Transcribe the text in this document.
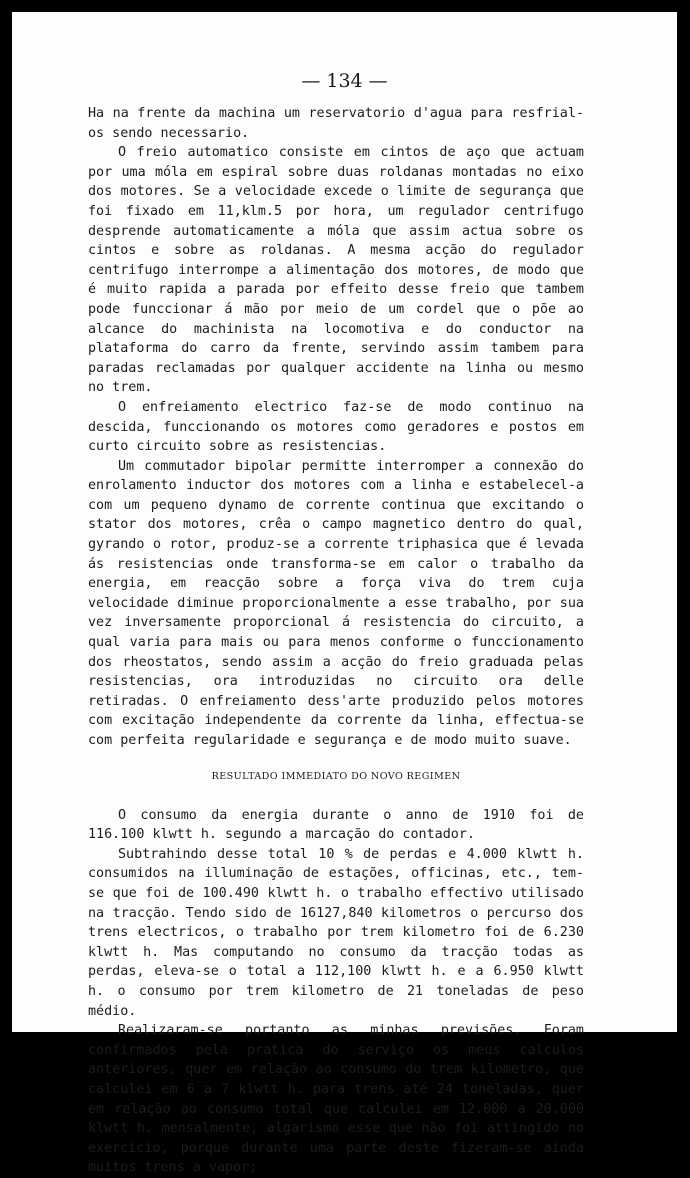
— 134 —

Ha na frente da machina um reservatorio d'agua para resfrial-os sendo necessario.

O freio automatico consiste em cintos de aço que actuam por uma móla em espiral sobre duas roldanas montadas no eixo dos motores. Se a velocidade excede o limite de segurança que foi fixado em 11,klm.5 por hora, um regulador centrifugo desprende automaticamente a móla que assim actua sobre os cintos e sobre as roldanas. A mesma acção do regulador centrifugo interrompe a alimentação dos motores, de modo que é muito rapida a parada por effeito desse freio que tambem pode funccionar á mão por meio de um cordel que o põe ao alcance do machinista na locomotiva e do conductor na plataforma do carro da frente, servindo assim tambem para paradas reclamadas por qualquer accidente na linha ou mesmo no trem.

O enfreiamento electrico faz-se de modo continuo na descida, funccionando os motores como geradores e postos em curto circuito sobre as resistencias.

Um commutador bipolar permitte interromper a connexão do enrolamento inductor dos motores com a linha e estabelecel-a com um pequeno dynamo de corrente continua que excitando o stator dos motores, crêa o campo magnetico dentro do qual, gyrando o rotor, produz-se a corrente triphasica que é levada ás resistencias onde transforma-se em calor o trabalho da energia, em reacção sobre a força viva do trem cuja velocidade diminue proporcionalmente a esse trabalho, por sua vez inversamente proporcional á resistencia do circuito, a qual varia para mais ou para menos conforme o funccionamento dos rheostatos, sendo assim a acção do freio graduada pelas resistencias, ora introduzidas no circuito ora delle retiradas. O enfreiamento dess'arte produzido pelos motores com excitação independente da corrente da linha, effectua-se com perfeita regularidade e segurança e de modo muito suave.

RESULTADO IMMEDIATO DO NOVO REGIMEN

O consumo da energia durante o anno de 1910 foi de 116.100 klwtt h. segundo a marcação do contador.

Subtrahindo desse total 10 % de perdas e 4.000 klwtt h. consumidos na illuminação de estações, officinas, etc., tem-se que foi de 100.490 klwtt h. o trabalho effectivo utilisado na tracção. Tendo sido de 16127,840 kilometros o percurso dos trens electricos, o trabalho por trem kilometro foi de 6.230 klwtt h. Mas computando no consumo da tracção todas as perdas, eleva-se o total a 112,100 klwtt h. e a 6.950 klwtt h. o consumo por trem kilometro de 21 toneladas de peso médio.

Realizaram-se portanto as minhas previsões. Foram confirmados pela pratica do serviço os meus calculos anteriores, quer em relação ao consumo do trem kilometro, que calculei em 6 a 7 klwtt h. para trens até 24 toneladas, quer em relação ao consumo total que calculei em 12.000 a 20.000 klwtt h. mensalmente, algarismo esse que não foi attingido no exercicio, porque durante uma parte deste fizeram-se ainda muitos trens a vapor;
